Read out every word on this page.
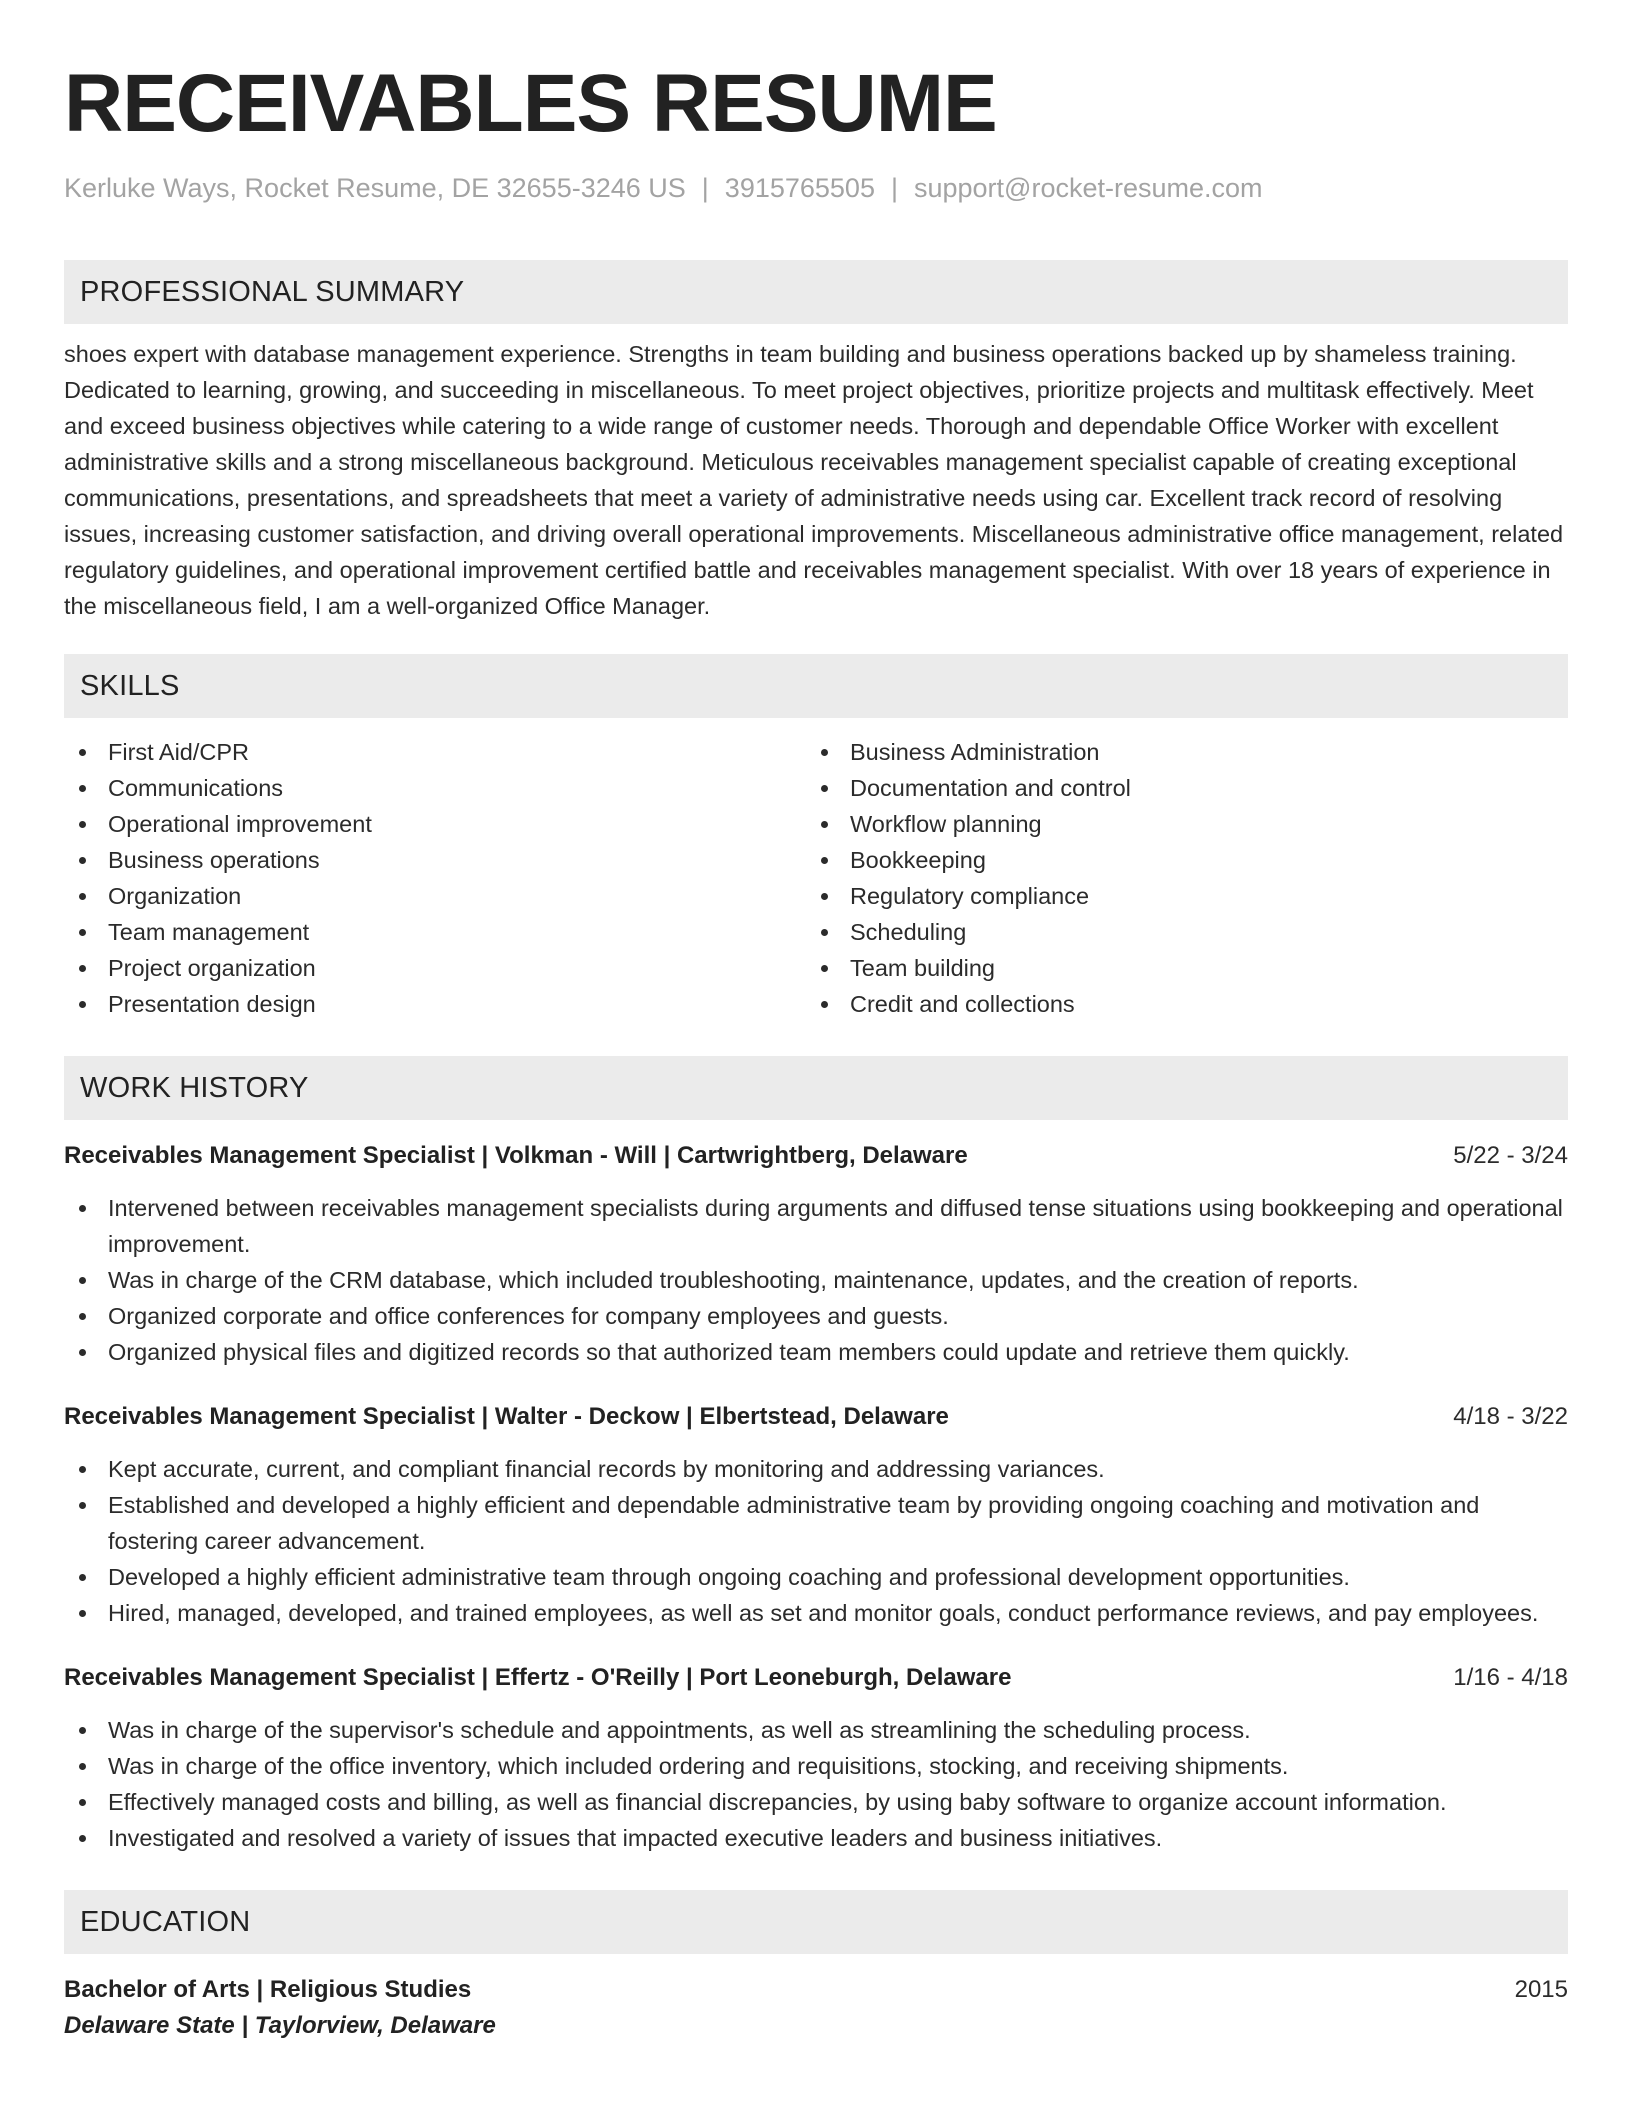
RECEIVABLES RESUME
Kerluke Ways, Rocket Resume, DE 32655-3246 US | 3915765505 | support@rocket-resume.com
PROFESSIONAL SUMMARY
shoes expert with database management experience. Strengths in team building and business operations backed up by shameless training. Dedicated to learning, growing, and succeeding in miscellaneous. To meet project objectives, prioritize projects and multitask effectively. Meet and exceed business objectives while catering to a wide range of customer needs. Thorough and dependable Office Worker with excellent administrative skills and a strong miscellaneous background. Meticulous receivables management specialist capable of creating exceptional communications, presentations, and spreadsheets that meet a variety of administrative needs using car. Excellent track record of resolving issues, increasing customer satisfaction, and driving overall operational improvements. Miscellaneous administrative office management, related regulatory guidelines, and operational improvement certified battle and receivables management specialist. With over 18 years of experience in the miscellaneous field, I am a well-organized Office Manager.
SKILLS
First Aid/CPR
Communications
Operational improvement
Business operations
Organization
Team management
Project organization
Presentation design
Business Administration
Documentation and control
Workflow planning
Bookkeeping
Regulatory compliance
Scheduling
Team building
Credit and collections
WORK HISTORY
Receivables Management Specialist | Volkman - Will | Cartwrightberg, Delaware	5/22 - 3/24
Intervened between receivables management specialists during arguments and diffused tense situations using bookkeeping and operational improvement.
Was in charge of the CRM database, which included troubleshooting, maintenance, updates, and the creation of reports.
Organized corporate and office conferences for company employees and guests.
Organized physical files and digitized records so that authorized team members could update and retrieve them quickly.
Receivables Management Specialist | Walter - Deckow | Elbertstead, Delaware	4/18 - 3/22
Kept accurate, current, and compliant financial records by monitoring and addressing variances.
Established and developed a highly efficient and dependable administrative team by providing ongoing coaching and motivation and fostering career advancement.
Developed a highly efficient administrative team through ongoing coaching and professional development opportunities.
Hired, managed, developed, and trained employees, as well as set and monitor goals, conduct performance reviews, and pay employees.
Receivables Management Specialist | Effertz - O'Reilly | Port Leoneburgh, Delaware	1/16 - 4/18
Was in charge of the supervisor's schedule and appointments, as well as streamlining the scheduling process.
Was in charge of the office inventory, which included ordering and requisitions, stocking, and receiving shipments.
Effectively managed costs and billing, as well as financial discrepancies, by using baby software to organize account information.
Investigated and resolved a variety of issues that impacted executive leaders and business initiatives.
EDUCATION
Bachelor of Arts | Religious Studies	2015
Delaware State | Taylorview, Delaware
